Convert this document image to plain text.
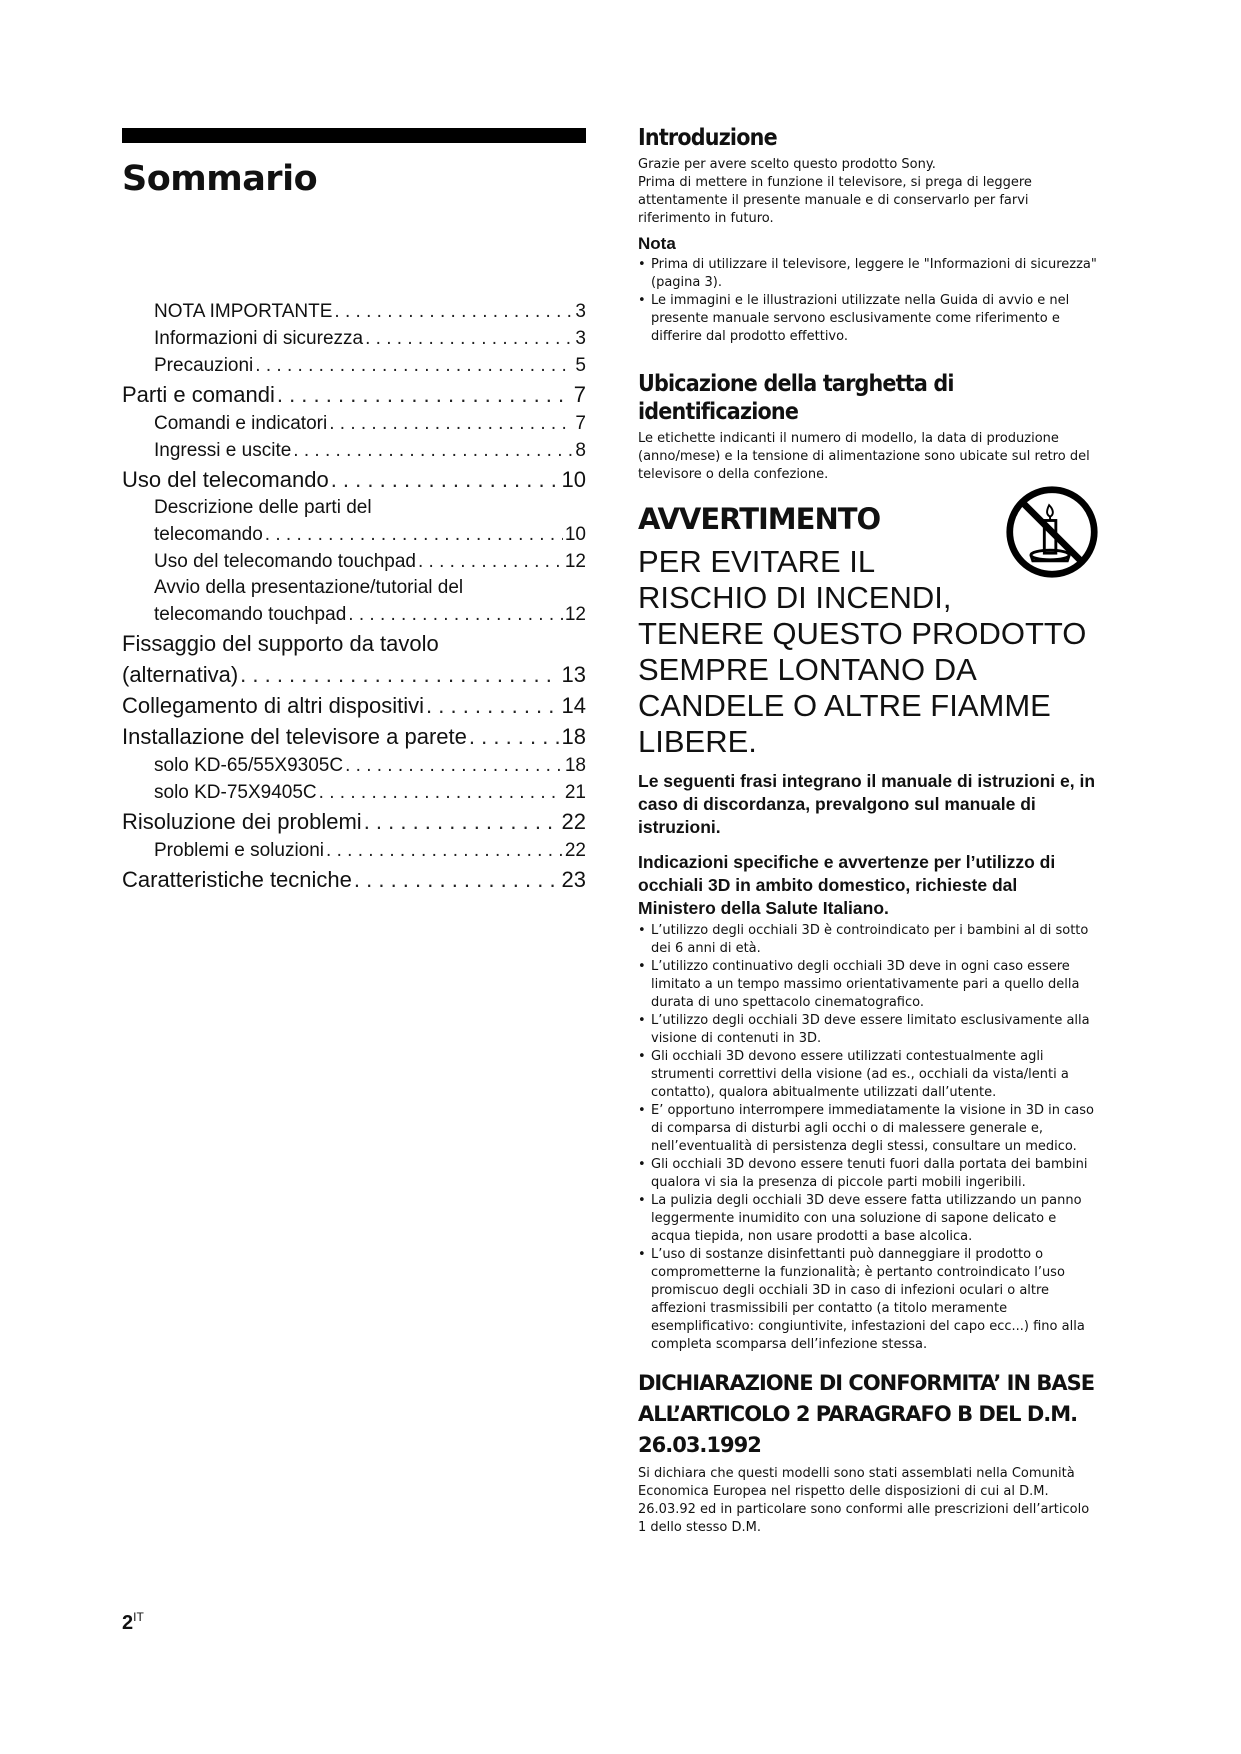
Sommario
NOTA IMPORTANTE . . .	3
Informazioni di sicurezza . . .	3
Precauzioni . . .	5
Parti e comandi . . .	7
Comandi e indicatori . . .	7
Ingressi e uscite . . .	8
Uso del telecomando . . .	10
Descrizione delle parti del
telecomando . . .	10
Uso del telecomando touchpad . . .	12
Avvio della presentazione/tutorial del
telecomando touchpad . . .	12
Fissaggio del supporto da tavolo
(alternativa) . . .	13
Collegamento di altri dispositivi . . .	14
Installazione del televisore a parete . . .	18
solo KD-65/55X9305C . . .	18
solo KD-75X9405C . . .	21
Risoluzione dei problemi . . .	22
Problemi e soluzioni . . .	22
Caratteristiche tecniche . . .	23
Introduzione

Grazie per avere scelto questo prodotto Sony.

Prima di mettere in funzione il televisore, si prega di leggere attentamente il presente manuale e di conservarlo per farvi riferimento in futuro.

Nota
• Prima di utilizzare il televisore, leggere le "Informazioni di sicurezza" (pagina 3).
• Le immagini e le illustrazioni utilizzate nella Guida di avvio e nel presente manuale servono esclusivamente come riferimento e differire dal prodotto effettivo.
Ubicazione della targhetta di identificazione

Le etichette indicanti il numero di modello, la data di produzione (anno/mese) e la tensione di alimentazione sono ubicate sul retro del televisore o della confezione.

AVVERTIMENTO
PER EVITARE IL
RISCHIO DI INCENDI,
TENERE QUESTO PRODOTTO
SEMPRE LONTANO DA
CANDELE O ALTRE FIAMME
LIBERE.

Le seguenti frasi integrano il manuale di istruzioni e, in caso di discordanza, prevalgono sul manuale di istruzioni.

Indicazioni specifiche e avvertenze per l’utilizzo di occhiali 3D in ambito domestico, richieste dal Ministero della Salute Italiano.

• L’utilizzo degli occhiali 3D è controindicato per i bambini al di sotto dei 6 anni di età.
• L’utilizzo continuativo degli occhiali 3D deve in ogni caso essere limitato a un tempo massimo orientativamente pari a quello della durata di uno spettacolo cinematografico.
• L’utilizzo degli occhiali 3D deve essere limitato esclusivamente alla visione di contenuti in 3D.
• Gli occhiali 3D devono essere utilizzati contestualmente agli strumenti correttivi della visione (ad es., occhiali da vista/lenti a contatto), qualora abitualmente utilizzati dall’utente.
• E’ opportuno interrompere immediatamente la visione in 3D in caso di comparsa di disturbi agli occhi o di malessere generale e, nell’eventualità di persistenza degli stessi, consultare un medico.
• Gli occhiali 3D devono essere tenuti fuori dalla portata dei bambini qualora vi sia la presenza di piccole parti mobili ingeribili.
• La pulizia degli occhiali 3D deve essere fatta utilizzando un panno leggermente inumidito con una soluzione di sapone delicato e acqua tiepida, non usare prodotti a base alcolica.
• L’uso di sostanze disinfettanti può danneggiare il prodotto o comprometterne la funzionalità; è pertanto controindicato l’uso promiscuo degli occhiali 3D in caso di infezioni oculari o altre affezioni trasmissibili per contatto (a titolo meramente esemplificativo: congiuntivite, infestazioni del capo ecc...) fino alla completa scomparsa dell’infezione stessa.
DICHIARAZIONE DI CONFORMITA’ IN BASE
ALL’ARTICOLO 2 PARAGRAFO B DEL D.M.
26.03.1992

Si dichiara che questi modelli sono stati assemblati nella Comunità Economica Europea nel rispetto delle disposizioni di cui al D.M. 26.03.92 ed in particolare sono conformi alle prescrizioni dell’articolo 1 dello stesso D.M.

$2^{IT}$
